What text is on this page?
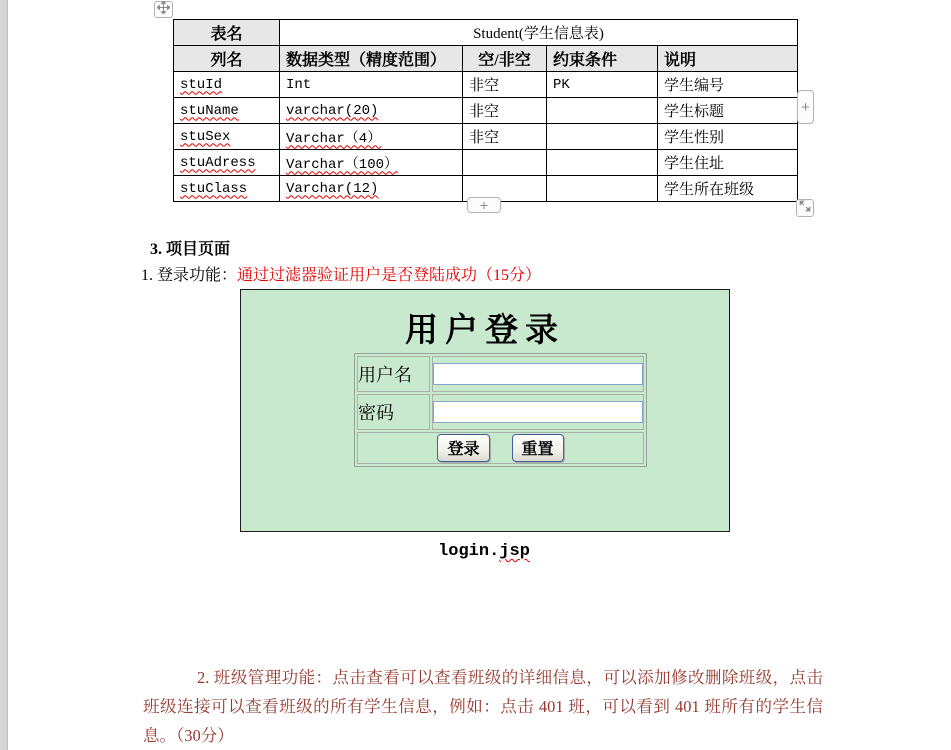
表名	Student(学生信息表)			
列名	数据类型（精度范围）	空/非空	约束条件	说明
stuId	Int	非空	PK	学生编号
stuName	varchar(20)	非空		学生标题
stuSex	Varchar（4）	非空		学生性别
stuAdress	Varchar（100）			学生住址
stuClass	Varchar(12)			学生所在班级
+
+
3. 项目页面
1. 登录功能：通过过滤器验证用户是否登陆成功（15分）
用户登录
用户名	
密码	
登录 重置	
login.jsp
2. 班级管理功能：点击查看可以查看班级的详细信息，可以添加修改删除班级，点击
班级连接可以查看班级的所有学生信息，例如：点击 401 班，可以看到 401 班所有的学生信
息。（30分）
